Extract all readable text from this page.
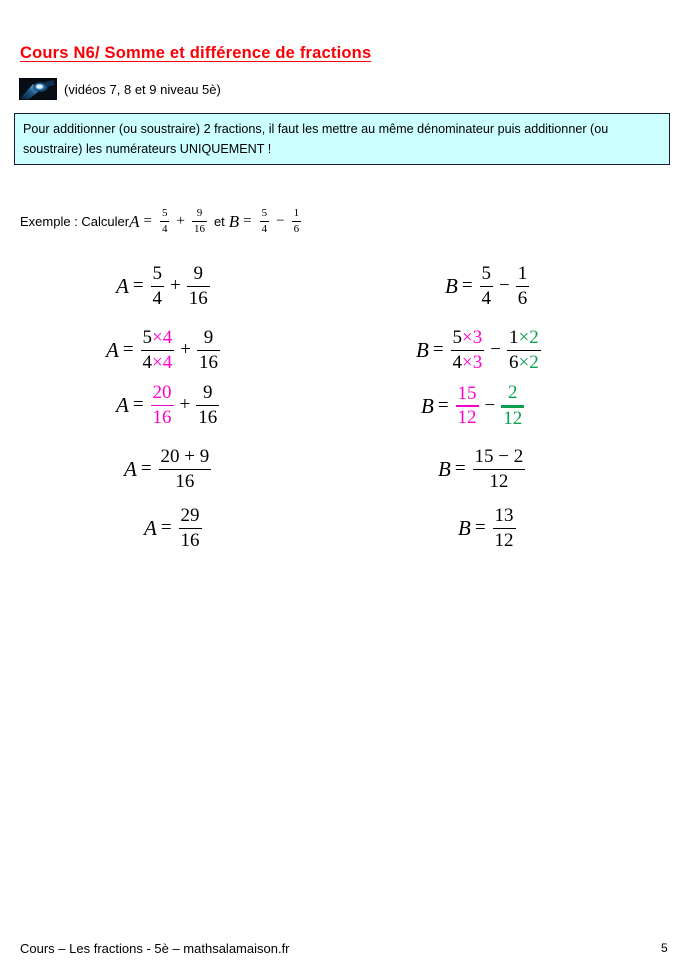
Cours N6/ Somme et différence de fractions
(vidéos 7, 8 et 9 niveau 5è)
Pour additionner (ou soustraire) 2 fractions, il faut les mettre au même dénominateur puis additionner (ou soustraire) les numérateurs UNIQUEMENT !
Exemple : Calculer $A = \frac{5}{4} + \frac{9}{16}$ et $B = \frac{5}{4} - \frac{1}{6}$
$A = \frac{5}{4} + \frac{9}{16}$
$A = \frac{5\times 4}{4\times 4} + \frac{9}{16}$
$A = \frac{20}{16} + \frac{9}{16}$
$A = \frac{20 + 9}{16}$
$A = \frac{29}{16}$
$B = \frac{5}{4} - \frac{1}{6}$
$B = \frac{5\times 3}{4\times 3} - \frac{1\times 2}{6\times 2}$
$B = \frac{15}{12} - \frac{2}{12}$
$B = \frac{15 - 2}{12}$
$B = \frac{13}{12}$
Cours – Les fractions - 5è – mathsalamaison.fr	5
